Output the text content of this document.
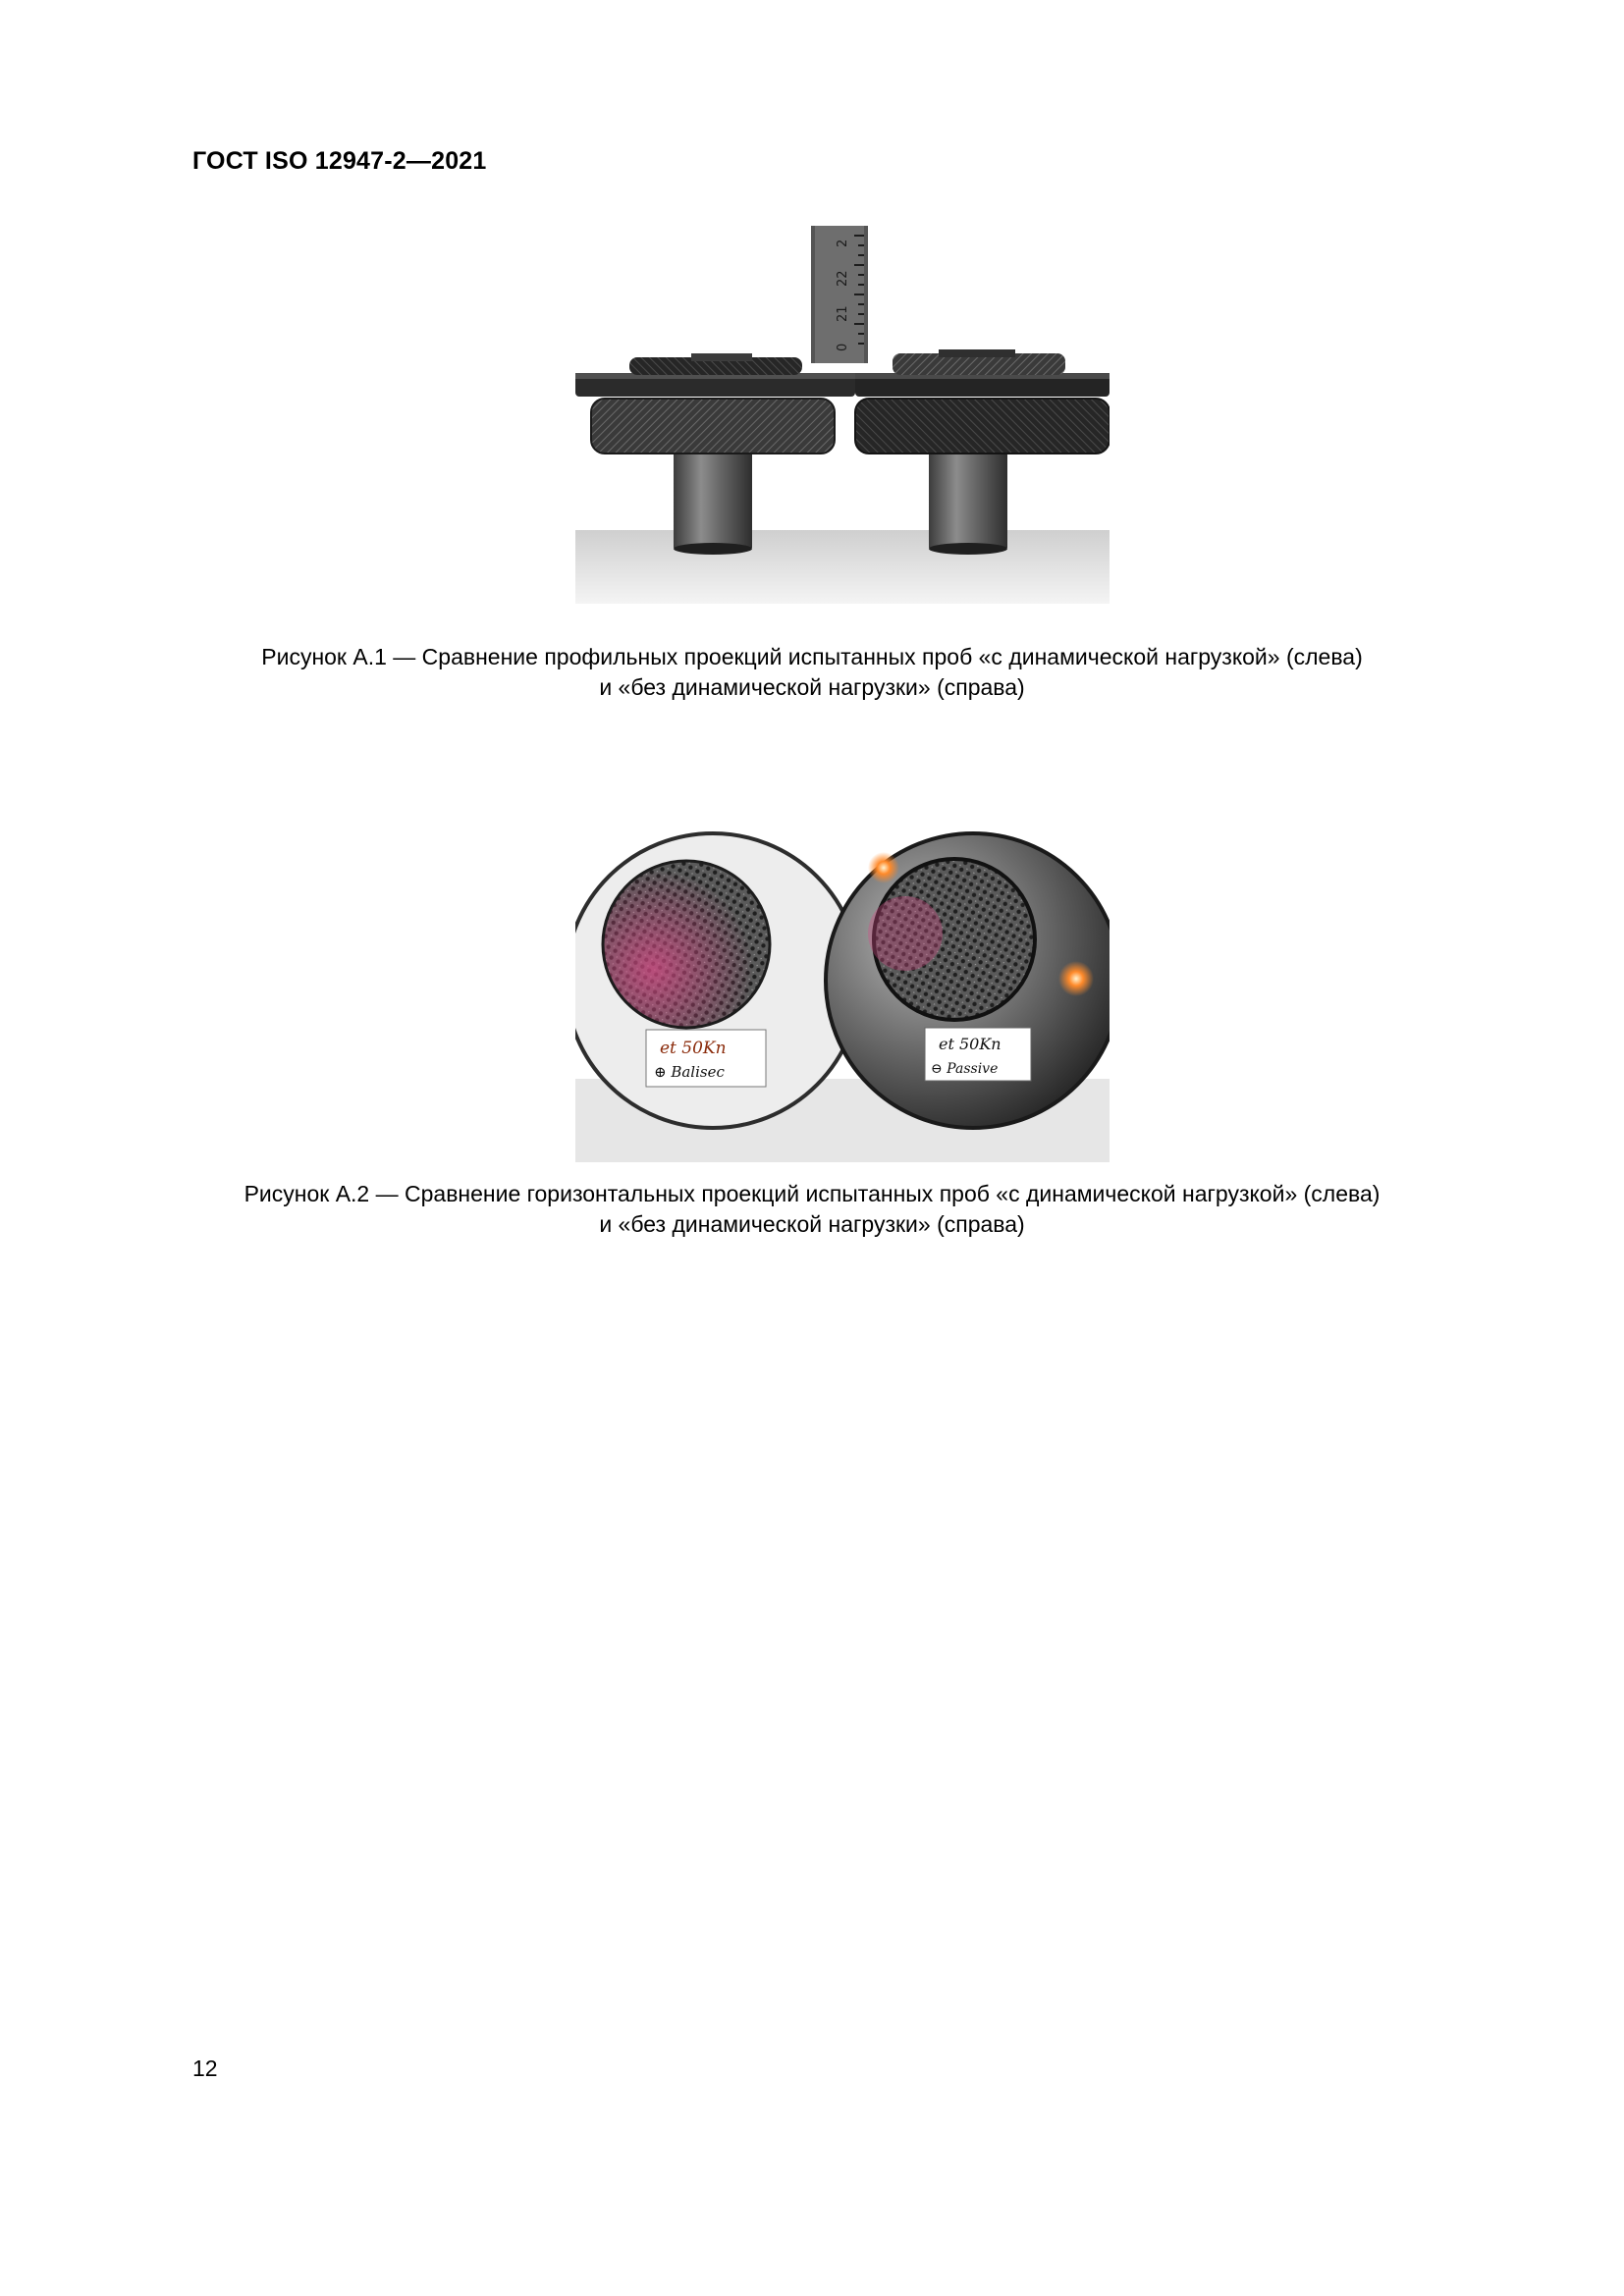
ГОСТ ISO 12947-2—2021
0
21
22
2
Рисунок А.1 — Сравнение профильных проекций испытанных проб «с динамической нагрузкой» (слева)
и «без динамической нагрузки» (справа)
et 50Kn
⊕ Balisec
et 50Kn
⊖ Passive
Рисунок А.2 — Сравнение горизонтальных проекций испытанных проб «с динамической нагрузкой» (слева)
и «без динамической нагрузки» (справа)
12
